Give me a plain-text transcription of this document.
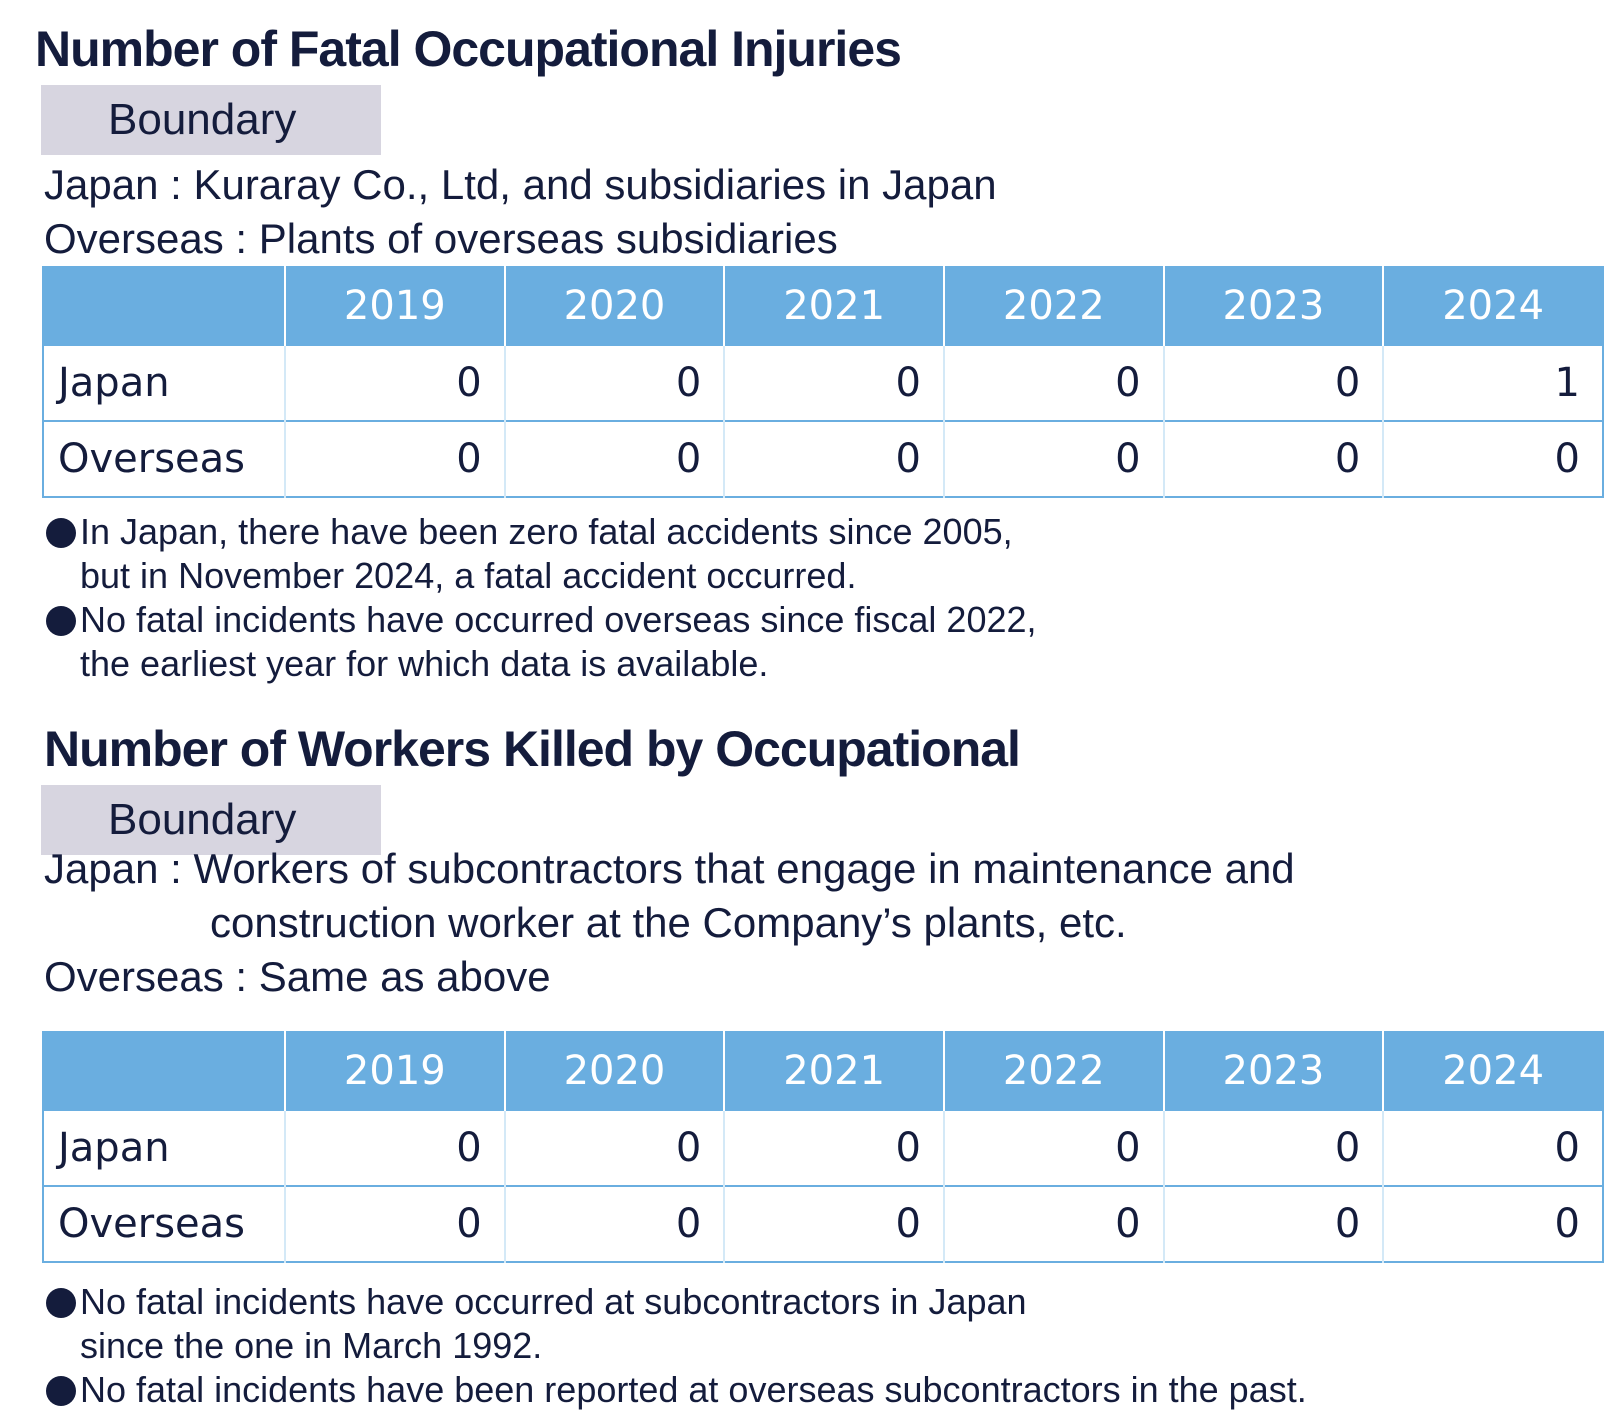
Number of Fatal Occupational Injuries
Boundary
Japan : Kuraray Co., Ltd, and subsidiaries in Japan
Overseas : Plants of overseas subsidiaries
	2019	2020	2021	2022	2023	2024
Japan	0	0	0	0	0	1
Overseas	0	0	0	0	0	0
In Japan, there have been zero fatal accidents since 2005,
but in November 2024, a fatal accident occurred.
No fatal incidents have occurred overseas since fiscal 2022,
the earliest year for which data is available.
Number of Workers Killed by Occupational
Boundary
Japan : Workers of subcontractors that engage in maintenance and
construction worker at the Company’s plants, etc.
Overseas : Same as above
	2019	2020	2021	2022	2023	2024
Japan	0	0	0	0	0	0
Overseas	0	0	0	0	0	0
No fatal incidents have occurred at subcontractors in Japan
since the one in March 1992.
No fatal incidents have been reported at overseas subcontractors in the past.
